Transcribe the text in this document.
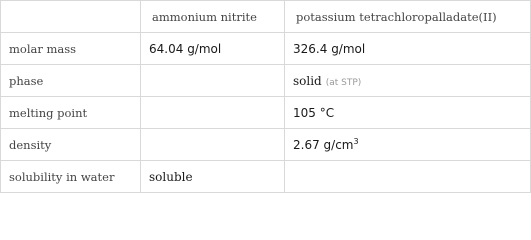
	ammonium nitrite	potassium tetrachloropalladate(II)
molar mass	64.04 g/mol	326.4 g/mol
phase		solid (at STP)
melting point		105 °C
density		2.67 $g/cm^3$
solubility in water	soluble	
